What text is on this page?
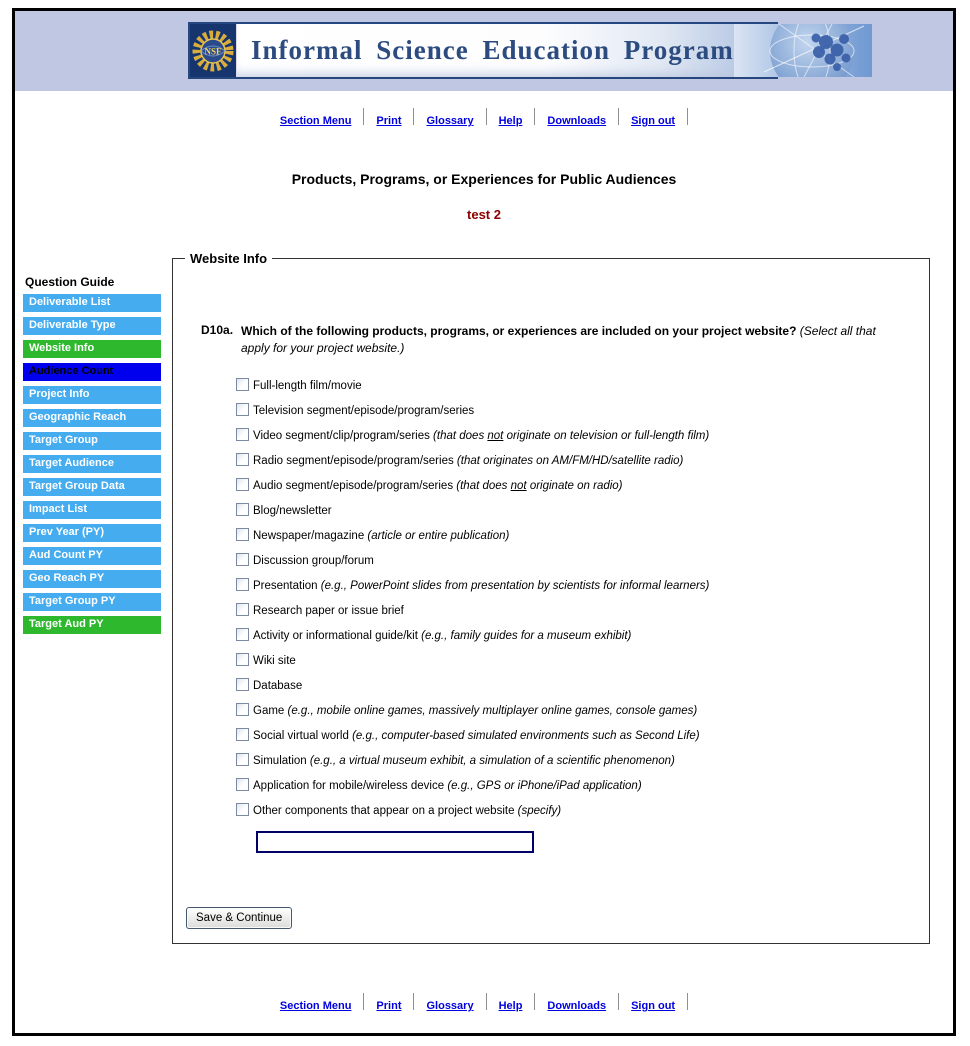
NSF Informal Science Education Program
Section Menu Print Glossary Help Downloads Sign out
Products, Programs, or Experiences for Public Audiences
test 2
Question Guide
Deliverable List
Deliverable Type
Website Info
Audience Count
Project Info
Geographic Reach
Target Group
Target Audience
Target Group Data
Impact List
Prev Year (PY)
Aud Count PY
Geo Reach PY
Target Group PY
Target Aud PY
Website Info
D10a. Which of the following products, programs, or experiences are included on your project website? (Select all that apply for your project website.)
Full-length film/movie
Television segment/episode/program/series
Video segment/clip/program/series (that does not originate on television or full-length film)
Radio segment/episode/program/series (that originates on AM/FM/HD/satellite radio)
Audio segment/episode/program/series (that does not originate on radio)
Blog/newsletter
Newspaper/magazine (article or entire publication)
Discussion group/forum
Presentation (e.g., PowerPoint slides from presentation by scientists for informal learners)
Research paper or issue brief
Activity or informational guide/kit (e.g., family guides for a museum exhibit)
Wiki site
Database
Game (e.g., mobile online games, massively multiplayer online games, console games)
Social virtual world (e.g., computer-based simulated environments such as Second Life)
Simulation (e.g., a virtual museum exhibit, a simulation of a scientific phenomenon)
Application for mobile/wireless device (e.g., GPS or iPhone/iPad application)
Other components that appear on a project website (specify)
Save & Continue
Section Menu Print Glossary Help Downloads Sign out
